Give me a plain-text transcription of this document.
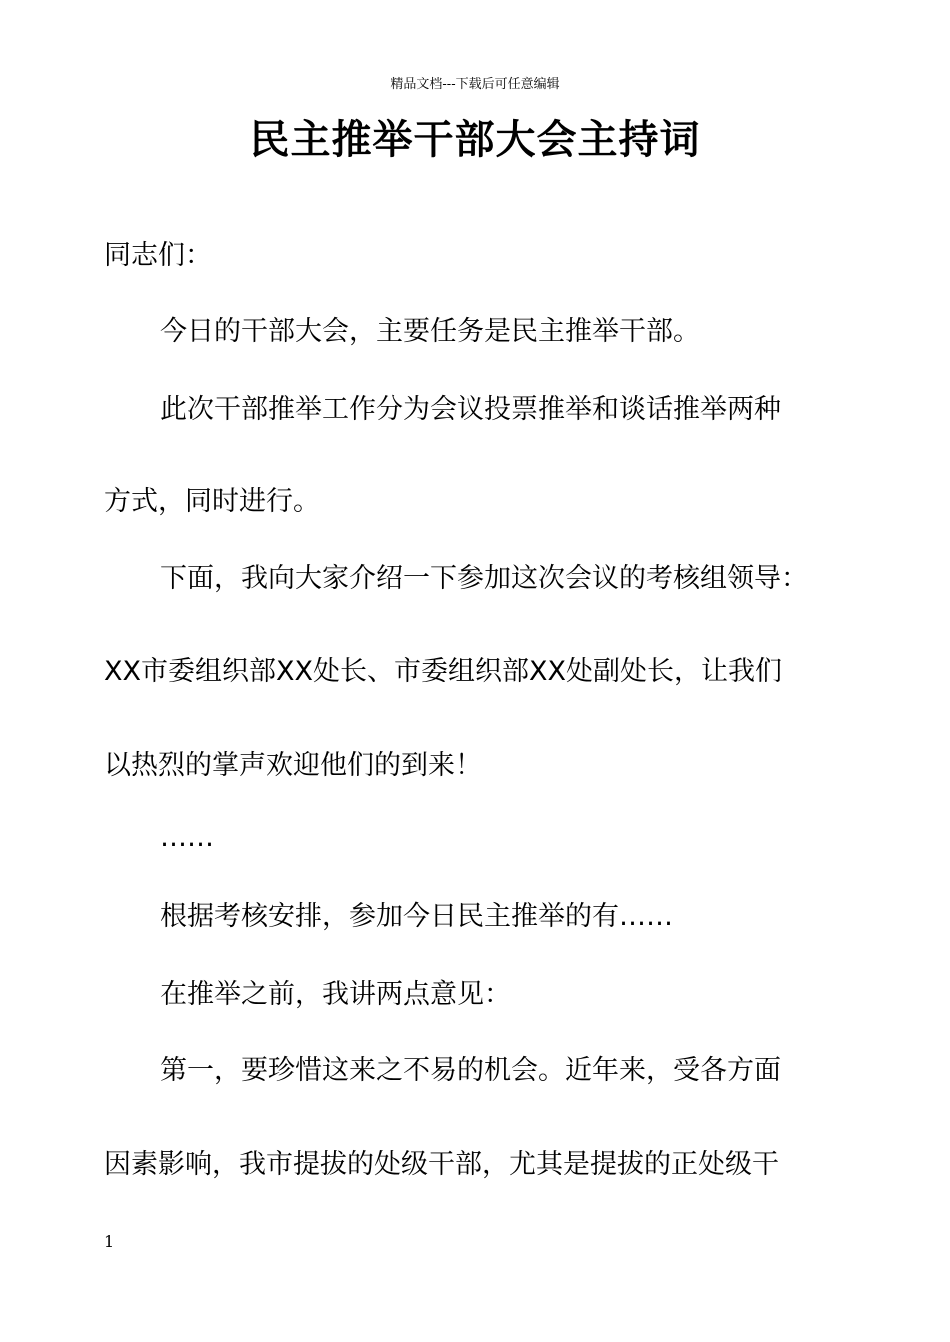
精品文档---下载后可任意编辑
民主推举干部大会主持词
同志们：
今日的干部大会，主要任务是民主推举干部。
此次干部推举工作分为会议投票推举和谈话推举两种
方式，同时进行。
下面，我向大家介绍一下参加这次会议的考核组领导：
XX市委组织部XX处长、市委组织部XX处副处长，让我们
以热烈的掌声欢迎他们的到来！
……
根据考核安排，参加今日民主推举的有……
在推举之前，我讲两点意见：
第一，要珍惜这来之不易的机会。近年来，受各方面
因素影响，我市提拔的处级干部，尤其是提拔的正处级干
1
